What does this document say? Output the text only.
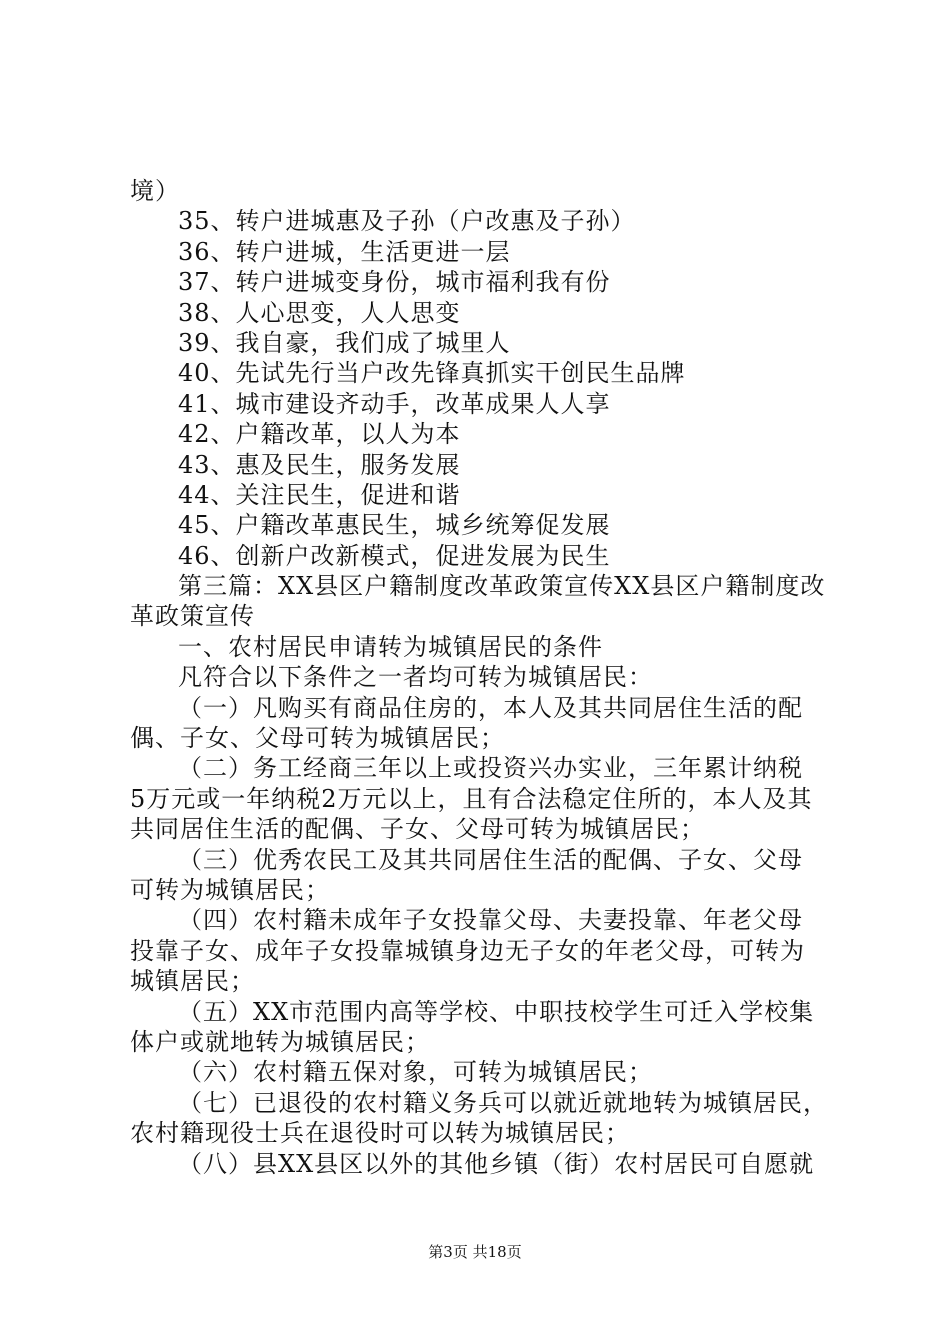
境）
35、转户进城惠及子孙（户改惠及子孙）
36、转户进城，生活更进一层
37、转户进城变身份，城市福利我有份
38、人心思变，人人思变
39、我自豪，我们成了城里人
40、先试先行当户改先锋真抓实干创民生品牌
41、城市建设齐动手，改革成果人人享
42、户籍改革，以人为本
43、惠及民生，服务发展
44、关注民生，促进和谐
45、户籍改革惠民生，城乡统筹促发展
46、创新户改新模式，促进发展为民生
第三篇：XX县区户籍制度改革政策宣传XX县区户籍制度改
革政策宣传
一、农村居民申请转为城镇居民的条件
凡符合以下条件之一者均可转为城镇居民：
（一）凡购买有商品住房的，本人及其共同居住生活的配
偶、子女、父母可转为城镇居民；
（二）务工经商三年以上或投资兴办实业，三年累计纳税
5万元或一年纳税2万元以上，且有合法稳定住所的，本人及其
共同居住生活的配偶、子女、父母可转为城镇居民；
（三）优秀农民工及其共同居住生活的配偶、子女、父母
可转为城镇居民；
（四）农村籍未成年子女投靠父母、夫妻投靠、年老父母
投靠子女、成年子女投靠城镇身边无子女的年老父母，可转为
城镇居民；
（五）XX市范围内高等学校、中职技校学生可迁入学校集
体户或就地转为城镇居民；
（六）农村籍五保对象，可转为城镇居民；
（七）已退役的农村籍义务兵可以就近就地转为城镇居民，
农村籍现役士兵在退役时可以转为城镇居民；
（八）县XX县区以外的其他乡镇（街）农村居民可自愿就
第3页 共18页
